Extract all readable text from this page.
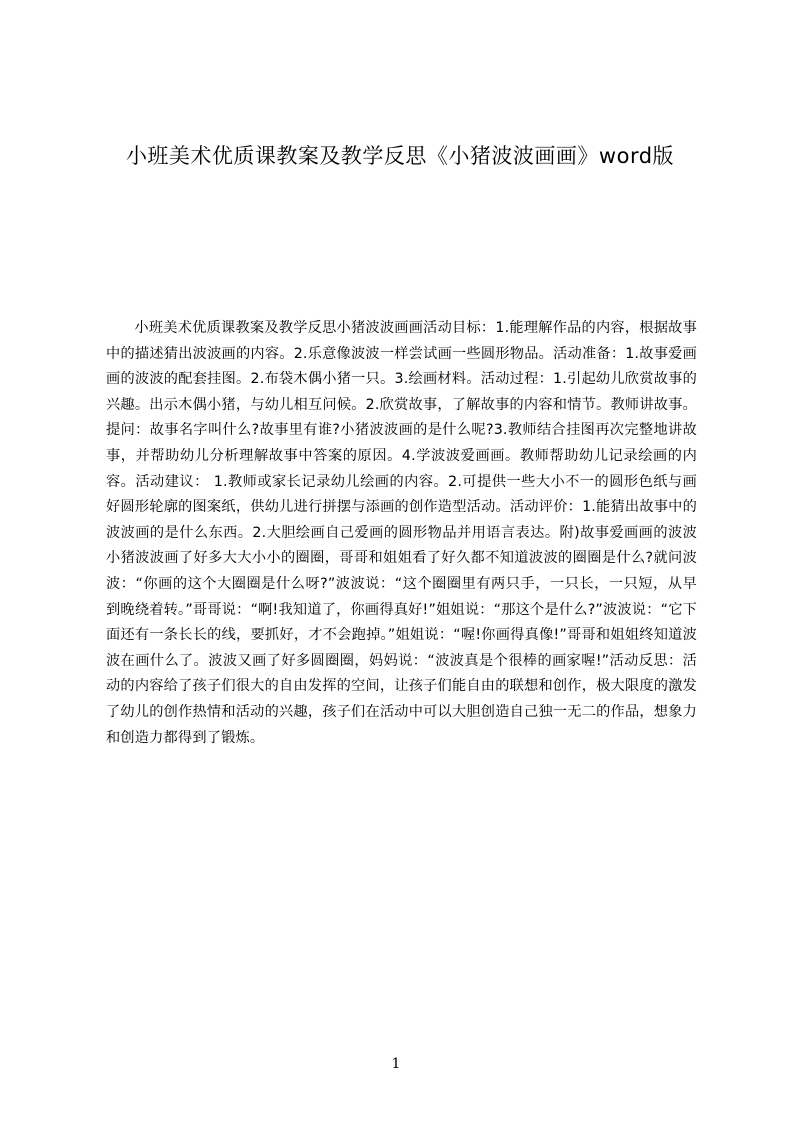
小班美术优质课教案及教学反思《小猪波波画画》word版

小班美术优质课教案及教学反思小猪波波画画活动目标：1.能理解作品的内容，根据故事中的描述猜出波波画的内容。2.乐意像波波一样尝试画一些圆形物品。活动准备：1.故事爱画画的波波的配套挂图。2.布袋木偶小猪一只。3.绘画材料。活动过程：1.引起幼儿欣赏故事的兴趣。出示木偶小猪，与幼儿相互问候。2.欣赏故事，了解故事的内容和情节。教师讲故事。提问：故事名字叫什么?故事里有谁?小猪波波画的是什么呢?3.教师结合挂图再次完整地讲故事，并帮助幼儿分析理解故事中答案的原因。4.学波波爱画画。教师帮助幼儿记录绘画的内容。活动建议： 1.教师或家长记录幼儿绘画的内容。2.可提供一些大小不一的圆形色纸与画好圆形轮廓的图案纸，供幼儿进行拼摆与添画的创作造型活动。活动评价：1.能猜出故事中的波波画的是什么东西。2.大胆绘画自己爱画的圆形物品并用语言表达。附)故事爱画画的波波小猪波波画了好多大大小小的圈圈，哥哥和姐姐看了好久都不知道波波的圈圈是什么?就问波波：“你画的这个大圈圈是什么呀?”波波说：“这个圈圈里有两只手，一只长，一只短，从早到晚绕着转。”哥哥说：“啊!我知道了，你画得真好!”姐姐说：“那这个是什么?”波波说：“它下面还有一条长长的线，要抓好，才不会跑掉。”姐姐说：“喔!你画得真像!”哥哥和姐姐终知道波波在画什么了。波波又画了好多圆圈圈，妈妈说：“波波真是个很棒的画家喔!”活动反思：活动的内容给了孩子们很大的自由发挥的空间，让孩子们能自由的联想和创作，极大限度的激发了幼儿的创作热情和活动的兴趣，孩子们在活动中可以大胆创造自己独一无二的作品，想象力和创造力都得到了锻炼。

1
